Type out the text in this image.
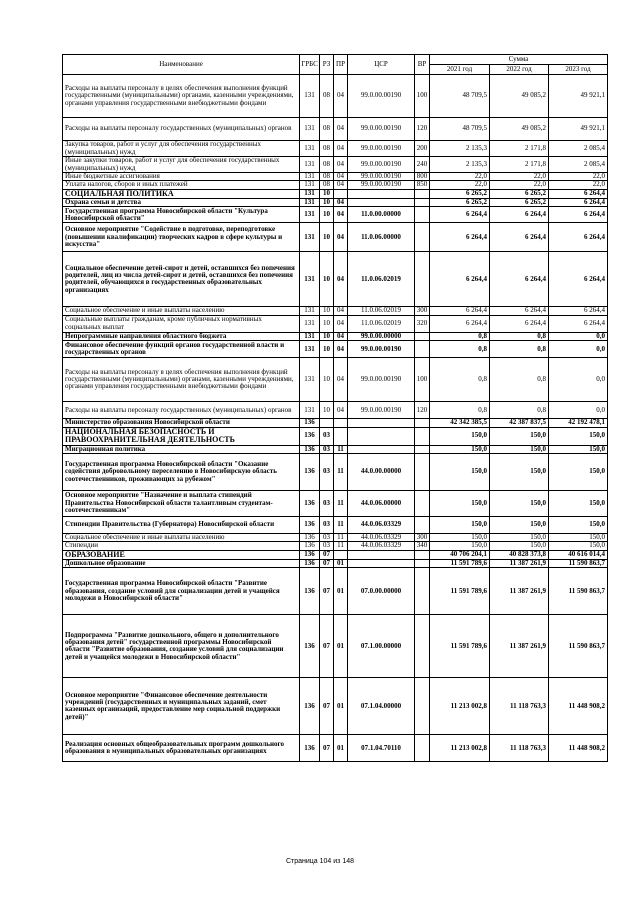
Наименование	ГРБС	РЗ	ПР	ЦСР	ВР	Сумма		
						2021 год	2022 год	2023 год
Расходы на выплаты персоналу в целях обеспечения выполнения функций государственными (муниципальными) органами, казенными учреждениями, органами управления государственными внебюджетными фондами	131	08	04	99.0.00.00190	100	48 709,5	49 085,2	49 921,1
Расходы на выплаты персоналу государственных (муниципальных) органов	131	08	04	99.0.00.00190	120	48 709,5	49 085,2	49 921,1
Закупка товаров, работ и услуг для обеспечения государственных (муниципальных) нужд	131	08	04	99.0.00.00190	200	2 135,3	2 171,8	2 085,4
Иные закупки товаров, работ и услуг для обеспечения государственных (муниципальных) нужд	131	08	04	99.0.00.00190	240	2 135,3	2 171,8	2 085,4
Иные бюджетные ассигнования	131	08	04	99.0.00.00190	800	22,0	22,0	22,0
Уплата налогов, сборов и иных платежей	131	08	04	99.0.00.00190	850	22,0	22,0	22,0
СОЦИАЛЬНАЯ ПОЛИТИКА	131	10				6 265,2	6 265,2	6 264,4
Охрана семьи и детства	131	10	04			6 265,2	6 265,2	6 264,4
Государственная программа Новосибирской области "Культура Новосибирской области"	131	10	04	11.0.00.00000		6 264,4	6 264,4	6 264,4
Основное мероприятие "Содействие в подготовке, переподготовке (повышении квалификации) творческих кадров в сфере культуры и искусства"	131	10	04	11.0.06.00000		6 264,4	6 264,4	6 264,4
Социальное обеспечение детей-сирот и детей, оставшихся без попечения родителей, лиц из числа детей-сирот и детей, оставшихся без попечения родителей, обучающихся в государственных образовательных организациях	131	10	04	11.0.06.02019		6 264,4	6 264,4	6 264,4
Социальное обеспечение и иные выплаты населению	131	10	04	11.0.06.02019	300	6 264,4	6 264,4	6 264,4
Социальные выплаты гражданам, кроме публичных нормативных социальных выплат	131	10	04	11.0.06.02019	320	6 264,4	6 264,4	6 264,4
Непрограммные направления областного бюджета	131	10	04	99.0.00.00000		0,8	0,8	0,0
Финансовое обеспечение функций органов государственной власти и государственных органов	131	10	04	99.0.00.00190		0,8	0,8	0,0
Расходы на выплаты персоналу в целях обеспечения выполнения функций государственными (муниципальными) органами, казенными учреждениями, органами управления государственными внебюджетными фондами	131	10	04	99.0.00.00190	100	0,8	0,8	0,0
Расходы на выплаты персоналу государственных (муниципальных) органов	131	10	04	99.0.00.00190	120	0,8	0,8	0,0
Министерство образования Новосибирской области	136					42 342 385,5	42 387 837,5	42 192 478,1
НАЦИОНАЛЬНАЯ БЕЗОПАСНОСТЬ И ПРАВООХРАНИТЕЛЬНАЯ ДЕЯТЕЛЬНОСТЬ	136	03				150,0	150,0	150,0
Миграционная политика	136	03	11			150,0	150,0	150,0
Государственная программа Новосибирской области "Оказание содействия добровольному переселению в Новосибирскую область соотечественников, проживающих за рубежом"	136	03	11	44.0.00.00000		150,0	150,0	150,0
Основное мероприятие "Назначение и выплата стипендий Правительства Новосибирской области талантливым студентам-соотечественникам"	136	03	11	44.0.06.00000		150,0	150,0	150,0
Стипендии Правительства (Губернатора) Новосибирской области	136	03	11	44.0.06.03329		150,0	150,0	150,0
Социальное обеспечение и иные выплаты населению	136	03	11	44.0.06.03329	300	150,0	150,0	150,0
Стипендии	136	03	11	44.0.06.03329	340	150,0	150,0	150,0
ОБРАЗОВАНИЕ	136	07				40 706 204,1	40 828 373,8	40 616 014,4
Дошкольное образование	136	07	01			11 591 789,6	11 387 261,9	11 590 863,7
Государственная программа Новосибирской области "Развитие образования, создание условий для социализации детей и учащейся молодежи в Новосибирской области"	136	07	01	07.0.00.00000		11 591 789,6	11 387 261,9	11 590 863,7
Подпрограмма "Развитие дошкольного, общего и дополнительного образования детей" государственной программы Новосибирской области "Развитие образования, создание условий для социализации детей и учащейся молодежи в Новосибирской области"	136	07	01	07.1.00.00000		11 591 789,6	11 387 261,9	11 590 863,7
Основное мероприятие "Финансовое обеспечение деятельности учреждений (государственных и муниципальных заданий, смет казенных организаций, предоставление мер социальной поддержки детей)"	136	07	01	07.1.04.00000		11 213 002,8	11 118 763,3	11 448 908,2
Реализация основных общеобразовательных программ дошкольного образования в муниципальных образовательных организациях	136	07	01	07.1.04.70110		11 213 002,8	11 118 763,3	11 448 908,2
Страница 104 из 148
